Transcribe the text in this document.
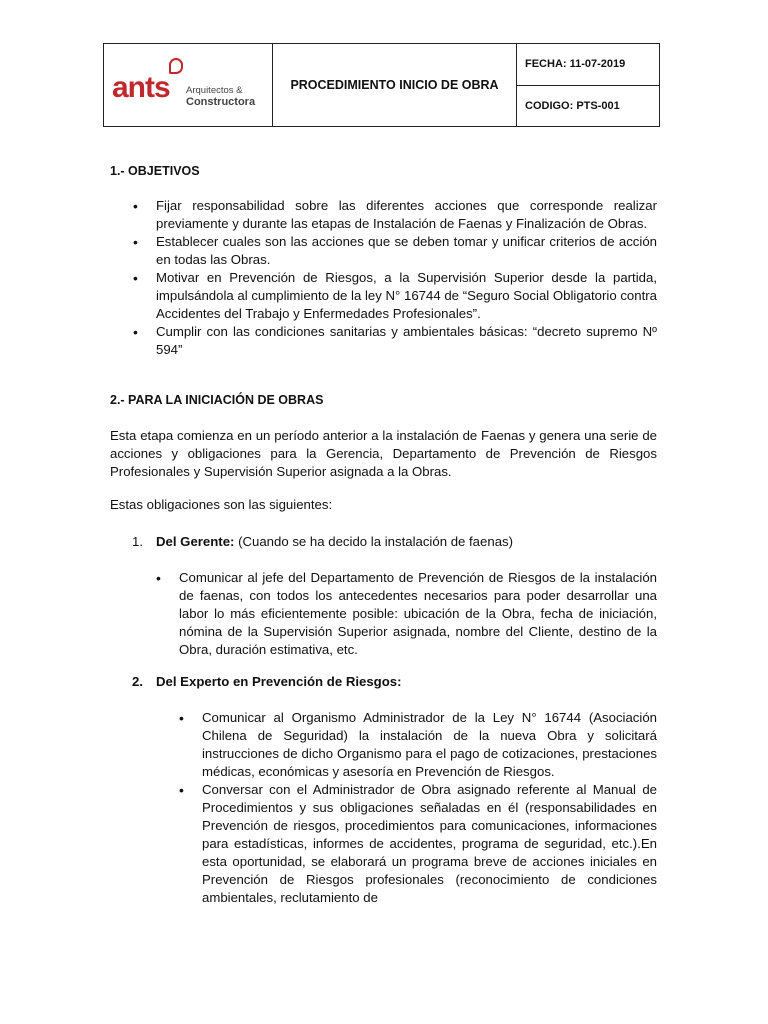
ants Arquitectos &
Constructora
PROCEDIMIENTO INICIO DE OBRA
FECHA: 11-07-2019
CODIGO: PTS-001
1.- OBJETIVOS
• Fijar responsabilidad sobre las diferentes acciones que corresponde realizar previamente y durante las etapas de Instalación de Faenas y Finalización de Obras.
• Establecer cuales son las acciones que se deben tomar y unificar criterios de acción en todas las Obras.
• Motivar en Prevención de Riesgos, a la Supervisión Superior desde la partida, impulsándola al cumplimiento de la ley N° 16744 de “Seguro Social Obligatorio contra Accidentes del Trabajo y Enfermedades Profesionales”.
• Cumplir con las condiciones sanitarias y ambientales básicas: “decreto supremo Nº 594”
2.- PARA LA INICIACIÓN DE OBRAS
Esta etapa comienza en un período anterior a la instalación de Faenas y genera una serie de acciones y obligaciones para la Gerencia, Departamento de Prevención de Riesgos Profesionales y Supervisión Superior asignada a la Obras.
Estas obligaciones son las siguientes:
1. Del Gerente: (Cuando se ha decido la instalación de faenas)
• Comunicar al jefe del Departamento de Prevención de Riesgos de la instalación de faenas, con todos los antecedentes necesarios para poder desarrollar una labor lo más eficientemente posible: ubicación de la Obra, fecha de iniciación, nómina de la Supervisión Superior asignada, nombre del Cliente, destino de la Obra, duración estimativa, etc.
2. Del Experto en Prevención de Riesgos:
• Comunicar al Organismo Administrador de la Ley N° 16744 (Asociación Chilena de Seguridad) la instalación de la nueva Obra y solicitará instrucciones de dicho Organismo para el pago de cotizaciones, prestaciones médicas, económicas y asesoría en Prevención de Riesgos.
• Conversar con el Administrador de Obra asignado referente al Manual de Procedimientos y sus obligaciones señaladas en él (responsabilidades en Prevención de riesgos, procedimientos para comunicaciones, informaciones para estadísticas, informes de accidentes, programa de seguridad, etc.).En esta oportunidad, se elaborará un programa breve de acciones iniciales en Prevención de Riesgos profesionales (reconocimiento de condiciones ambientales, reclutamiento de
